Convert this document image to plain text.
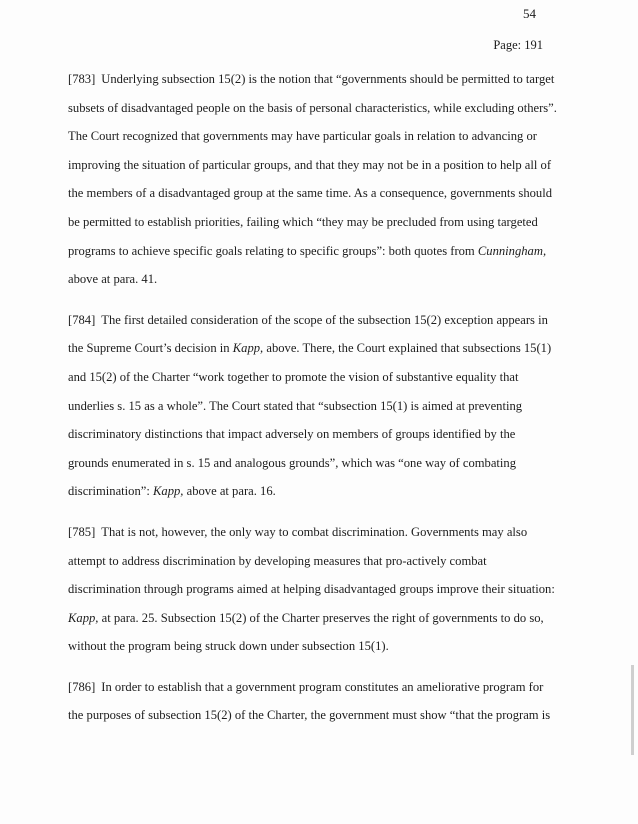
54
Page: 191

[783] Underlying subsection 15(2) is the notion that “governments should be permitted to target subsets of disadvantaged people on the basis of personal characteristics, while excluding others”. The Court recognized that governments may have particular goals in relation to advancing or improving the situation of particular groups, and that they may not be in a position to help all of the members of a disadvantaged group at the same time. As a consequence, governments should be permitted to establish priorities, failing which “they may be precluded from using targeted programs to achieve specific goals relating to specific groups”: both quotes from Cunningham, above at para. 41.

[784] The first detailed consideration of the scope of the subsection 15(2) exception appears in the Supreme Court’s decision in Kapp, above. There, the Court explained that subsections 15(1) and 15(2) of the Charter “work together to promote the vision of substantive equality that underlies s. 15 as a whole”. The Court stated that “subsection 15(1) is aimed at preventing discriminatory distinctions that impact adversely on members of groups identified by the grounds enumerated in s. 15 and analogous grounds”, which was “one way of combating discrimination”: Kapp, above at para. 16.

[785] That is not, however, the only way to combat discrimination. Governments may also attempt to address discrimination by developing measures that pro-actively combat discrimination through programs aimed at helping disadvantaged groups improve their situation: Kapp, at para. 25. Subsection 15(2) of the Charter preserves the right of governments to do so, without the program being struck down under subsection 15(1).

[786] In order to establish that a government program constitutes an ameliorative program for the purposes of subsection 15(2) of the Charter, the government must show “that the program is
